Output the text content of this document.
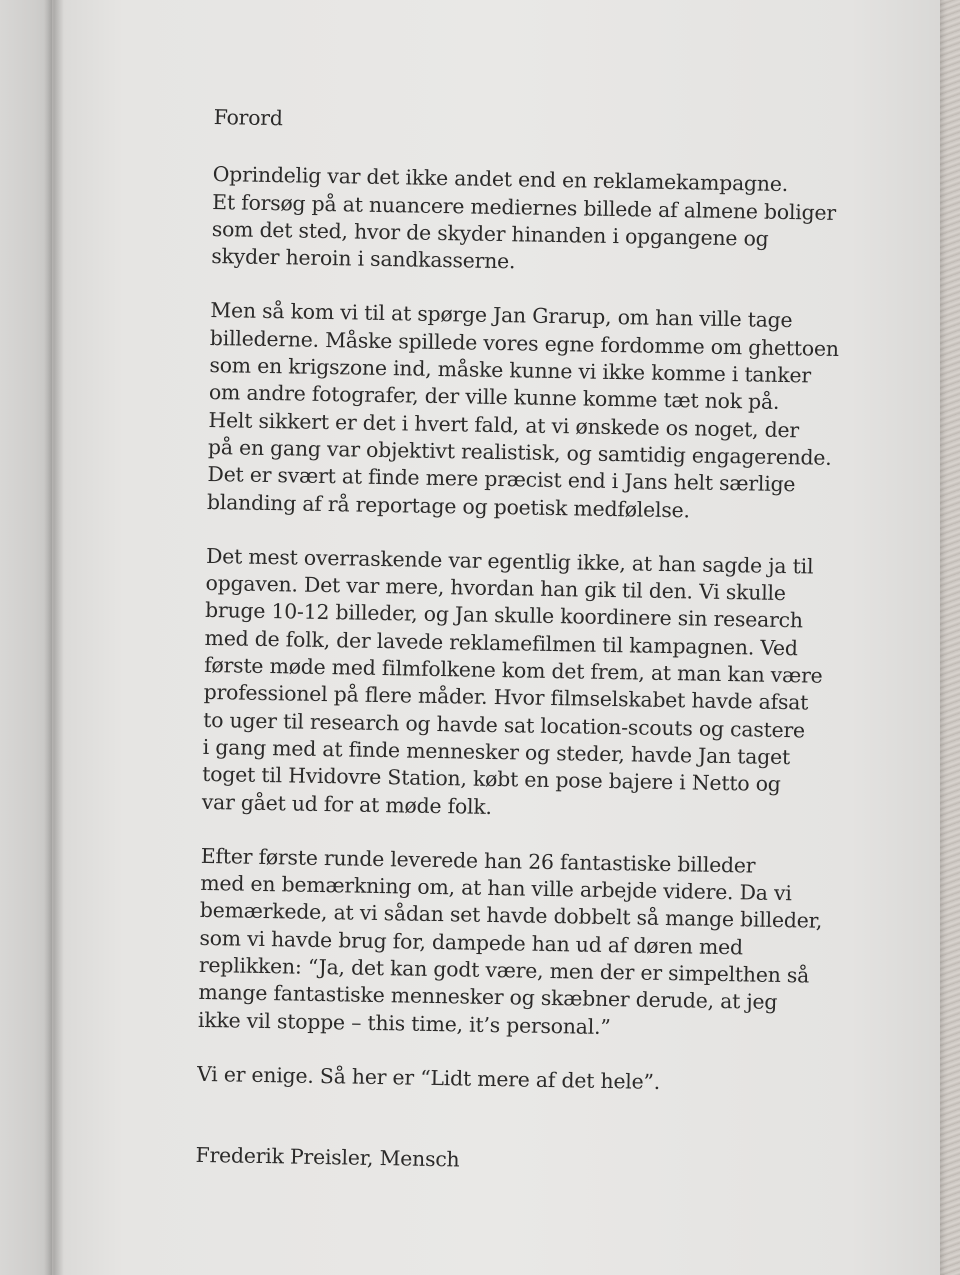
Forord
Oprindelig var det ikke andet end en reklamekampagne.
Et forsøg på at nuancere mediernes billede af almene boliger
som det sted, hvor de skyder hinanden i opgangene og
skyder heroin i sandkasserne.
Men så kom vi til at spørge Jan Grarup, om han ville tage
billederne. Måske spillede vores egne fordomme om ghettoen
som en krigszone ind, måske kunne vi ikke komme i tanker
om andre fotografer, der ville kunne komme tæt nok på.
Helt sikkert er det i hvert fald, at vi ønskede os noget, der
på en gang var objektivt realistisk, og samtidig engagerende.
Det er svært at finde mere præcist end i Jans helt særlige
blanding af rå reportage og poetisk medfølelse.
Det mest overraskende var egentlig ikke, at han sagde ja til
opgaven. Det var mere, hvordan han gik til den. Vi skulle
bruge 10-12 billeder, og Jan skulle koordinere sin research
med de folk, der lavede reklamefilmen til kampagnen. Ved
første møde med filmfolkene kom det frem, at man kan være
professionel på flere måder. Hvor filmselskabet havde afsat
to uger til research og havde sat location-scouts og castere
i gang med at finde mennesker og steder, havde Jan taget
toget til Hvidovre Station, købt en pose bajere i Netto og
var gået ud for at møde folk.
Efter første runde leverede han 26 fantastiske billeder
med en bemærkning om, at han ville arbejde videre. Da vi
bemærkede, at vi sådan set havde dobbelt så mange billeder,
som vi havde brug for, dampede han ud af døren med
replikken: “Ja, det kan godt være, men der er simpelthen så
mange fantastiske mennesker og skæbner derude, at jeg
ikke vil stoppe – this time, it’s personal.”
Vi er enige. Så her er “Lidt mere af det hele”.
Frederik Preisler, Mensch
